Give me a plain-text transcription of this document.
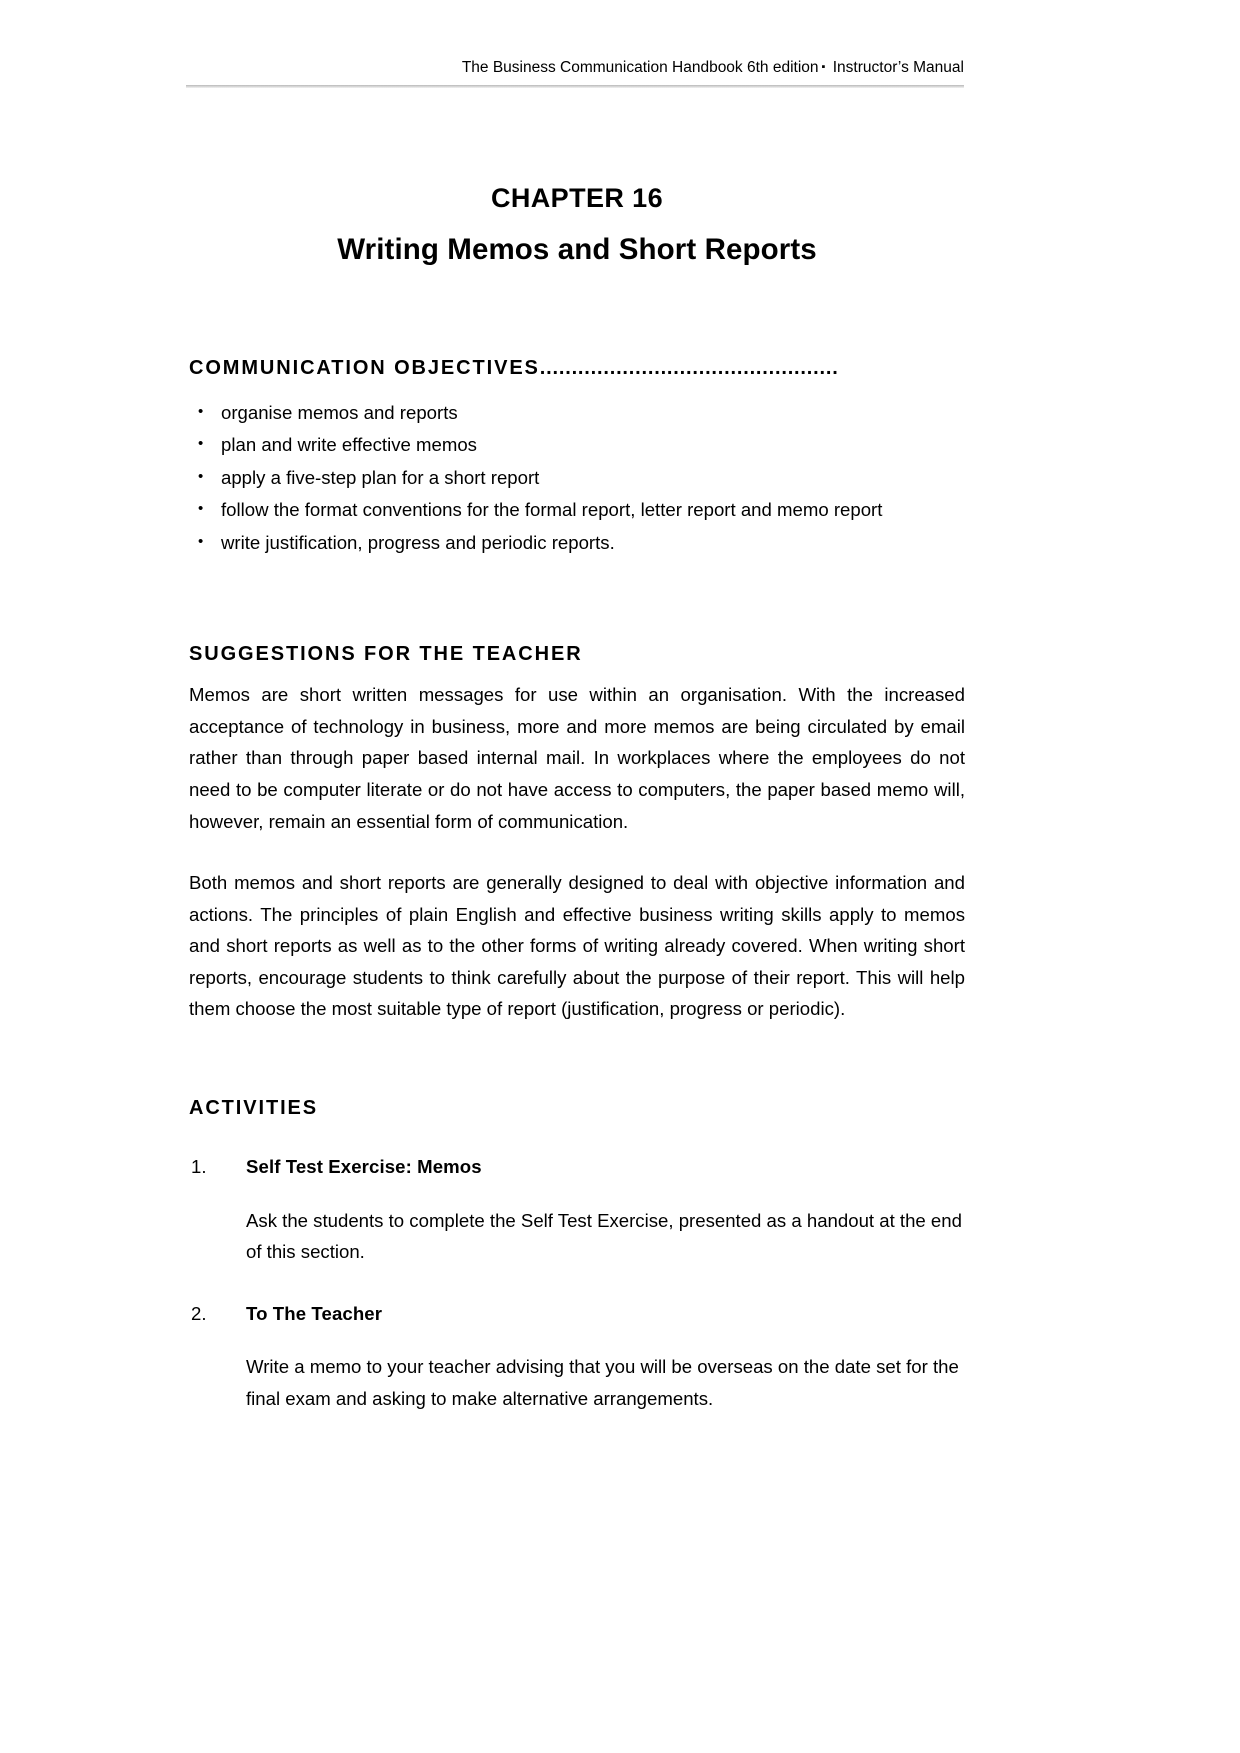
The Business Communication Handbook 6th edition ▪ Instructor’s Manual
CHAPTER 16
Writing Memos and Short Reports
COMMUNICATION OBJECTIVES...............................................
• organise memos and reports
• plan and write effective memos
• apply a five-step plan for a short report
• follow the format conventions for the formal report, letter report and memo report
• write justification, progress and periodic reports.
SUGGESTIONS FOR THE TEACHER

Memos are short written messages for use within an organisation. With the increased acceptance of technology in business, more and more memos are being circulated by email rather than through paper based internal mail. In workplaces where the employees do not need to be computer literate or do not have access to computers, the paper based memo will, however, remain an essential form of communication.

Both memos and short reports are generally designed to deal with objective information and actions. The principles of plain English and effective business writing skills apply to memos and short reports as well as to the other forms of writing already covered. When writing short reports, encourage students to think carefully about the purpose of their report. This will help them choose the most suitable type of report (justification, progress or periodic).

ACTIVITIES
1. Self Test Exercise: Memos

Ask the students to complete the Self Test Exercise, presented as a handout at the end of this section.

2. To The Teacher

Write a memo to your teacher advising that you will be overseas on the date set for the final exam and asking to make alternative arrangements.
